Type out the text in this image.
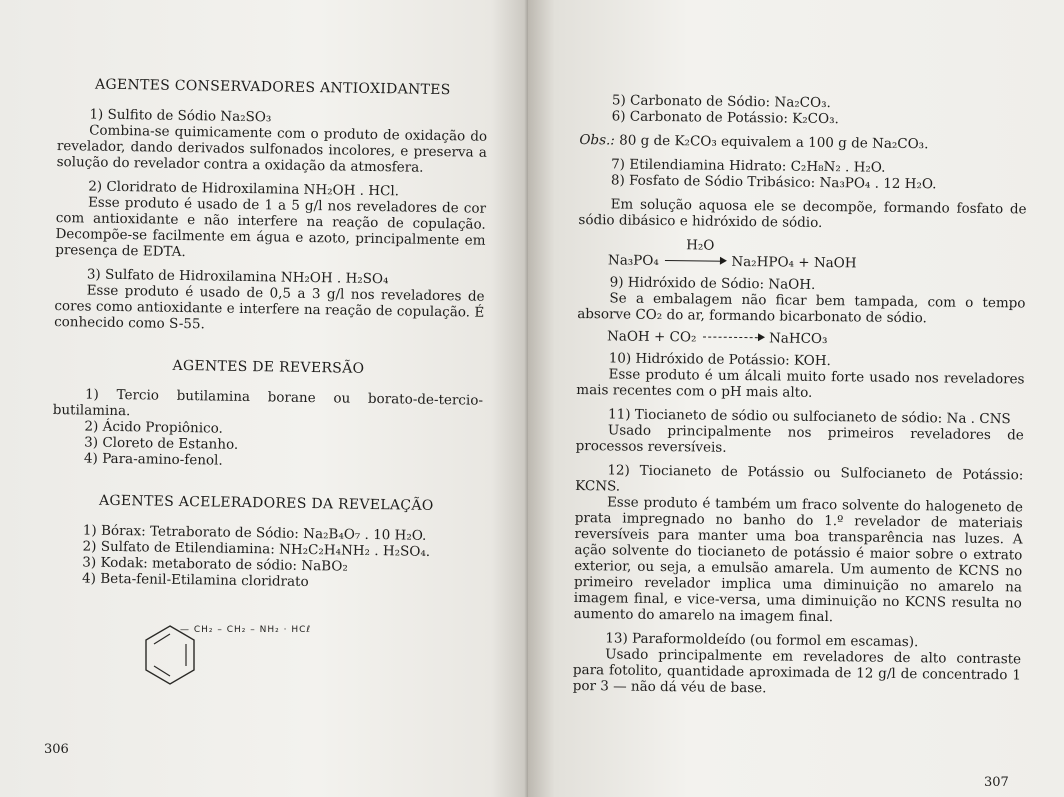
AGENTES CONSERVADORES ANTIOXIDANTES

1) Sulfito de Sódio Na₂SO₃

Combina-se quimicamente com o produto de oxidação do revelador, dando derivados sulfonados incolores, e preserva a solução do revelador contra a oxidação da atmosfera.

2) Cloridrato de Hidroxilamina NH₂OH . HCl.

Esse produto é usado de 1 a 5 g/l nos reveladores de cor com antioxidante e não interfere na reação de copulação. Decompõe-se facilmente em água e azoto, principalmente em presença de EDTA.

3) Sulfato de Hidroxilamina NH₂OH . H₂SO₄

Esse produto é usado de 0,5 a 3 g/l nos reveladores de cores como antioxidante e interfere na reação de copulação. É conhecido como S-55.

AGENTES DE REVERSÃO

1) Tercio butilamina borane ou borato-de-tercio-butilamina.

2) Ácido Propiônico.

3) Cloreto de Estanho.

4) Para-amino-fenol.

AGENTES ACELERADORES DA REVELAÇÃO

1) Bórax: Tetraborato de Sódio: Na₂B₄O₇ . 10 H₂O.

2) Sulfato de Etilendiamina: NH₂C₂H₄NH₂ . H₂SO₄.

3) Kodak: metaborato de sódio: NaBO₂

4) Beta-fenil-Etilamina cloridrato

— CH₂ – CH₂ – NH₂ · HCℓ
306

5) Carbonato de Sódio: Na₂CO₃.

6) Carbonato de Potássio: K₂CO₃.

Obs.: 80 g de K₂CO₃ equivalem a 100 g de Na₂CO₃.

7) Etilendiamina Hidrato: C₂H₈N₂ . H₂O.

8) Fosfato de Sódio Tribásico: Na₃PO₄ . 12 H₂O.

Em solução aquosa ele se decompõe, formando fosfato de sódio dibásico e hidróxido de sódio.

H₂O
Na₃PO₄	Na₂HPO₄ + NaOH

9) Hidróxido de Sódio: NaOH.

Se a embalagem não ficar bem tampada, com o tempo absorve CO₂ do ar, formando bicarbonato de sódio.

NaOH + CO₂	NaHCO₃

10) Hidróxido de Potássio: KOH.

Esse produto é um álcali muito forte usado nos reveladores mais recentes com o pH mais alto.

11) Tiocianeto de sódio ou sulfocianeto de sódio: Na . CNS

Usado principalmente nos primeiros reveladores de processos reversíveis.

12) Tiocianeto de Potássio ou Sulfocianeto de Potássio: KCNS.

Esse produto é também um fraco solvente do halogeneto de prata impregnado no banho do 1.º revelador de materiais reversíveis para manter uma boa transparência nas luzes. A ação solvente do tiocianeto de potássio é maior sobre o extrato exterior, ou seja, a emulsão amarela. Um aumento de KCNS no primeiro revelador implica uma diminuição no amarelo na imagem final, e vice-versa, uma diminuição no KCNS resulta no aumento do amarelo na imagem final.

13) Paraformoldeído (ou formol em escamas).

Usado principalmente em reveladores de alto contraste para fotolito, quantidade aproximada de 12 g/l de concentrado 1 por 3 — não dá véu de base.

307
